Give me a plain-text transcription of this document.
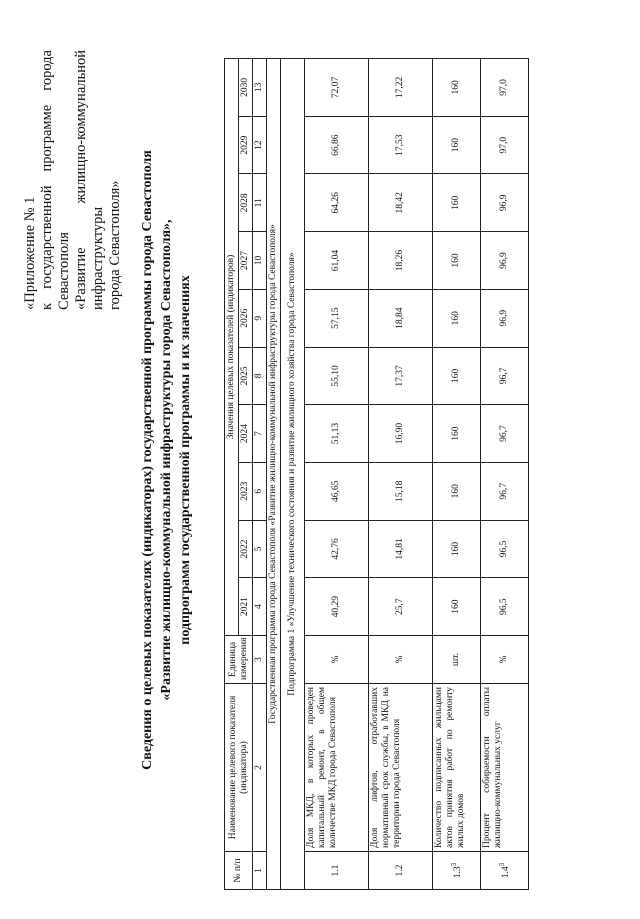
«Приложение № 1 к государственной программе города Севастополя «Развитие жилищно-коммунальной инфраструктуры города Севастополя» Сведения о целевых показателях (индикаторах) государственной программы города Севастополя «Развитие жилищно-коммунальной инфраструктуры города Севастополя», подпрограмм государственной программы и их значениях
№ п/п	Наименование целевого показателя (индикатора)	Единица измерения	Значения целевых показателей (индикаторов)									
			2021	2022	2023	2024	2025	2026	2027	2028	2029	2030
1	2	3	4	5	6	7	8	9	10	11	12	13
Государственная программа города Севастополя «Развитие жилищно-коммунальной инфраструктуры города Севастополя»												
Подпрограмма 1 «Улучшение технического состояния и развитие жилищного хозяйства города Севастополя»												
1.1	Доля МКД, в которых проведен капитальный ремонт, в общем количестве МКД города Севастополя	%	40,29	42,76	46,65	51,13	55,10	57,15	61,04	64,26	66,86	72,07
1.2	Доля лифтов, отработавших нормативный срок службы, в МКД на территории города Севастополя	%	25,7	14,81	15,18	16,90	17,37	18,84	18,26	18,42	17,53	17,22
$1.3^3$	Количество подписанных жильцами актов принятия работ по ремонту жилых домов	шт.	160	160	160	160	160	160	160	160	160	160
$1.4^3$	Процент собираемости оплаты жилищно-коммунальных услуг	%	96,5	96,5	96,7	96,7	96,7	96,9	96,9	96,9	97,0	97,0
